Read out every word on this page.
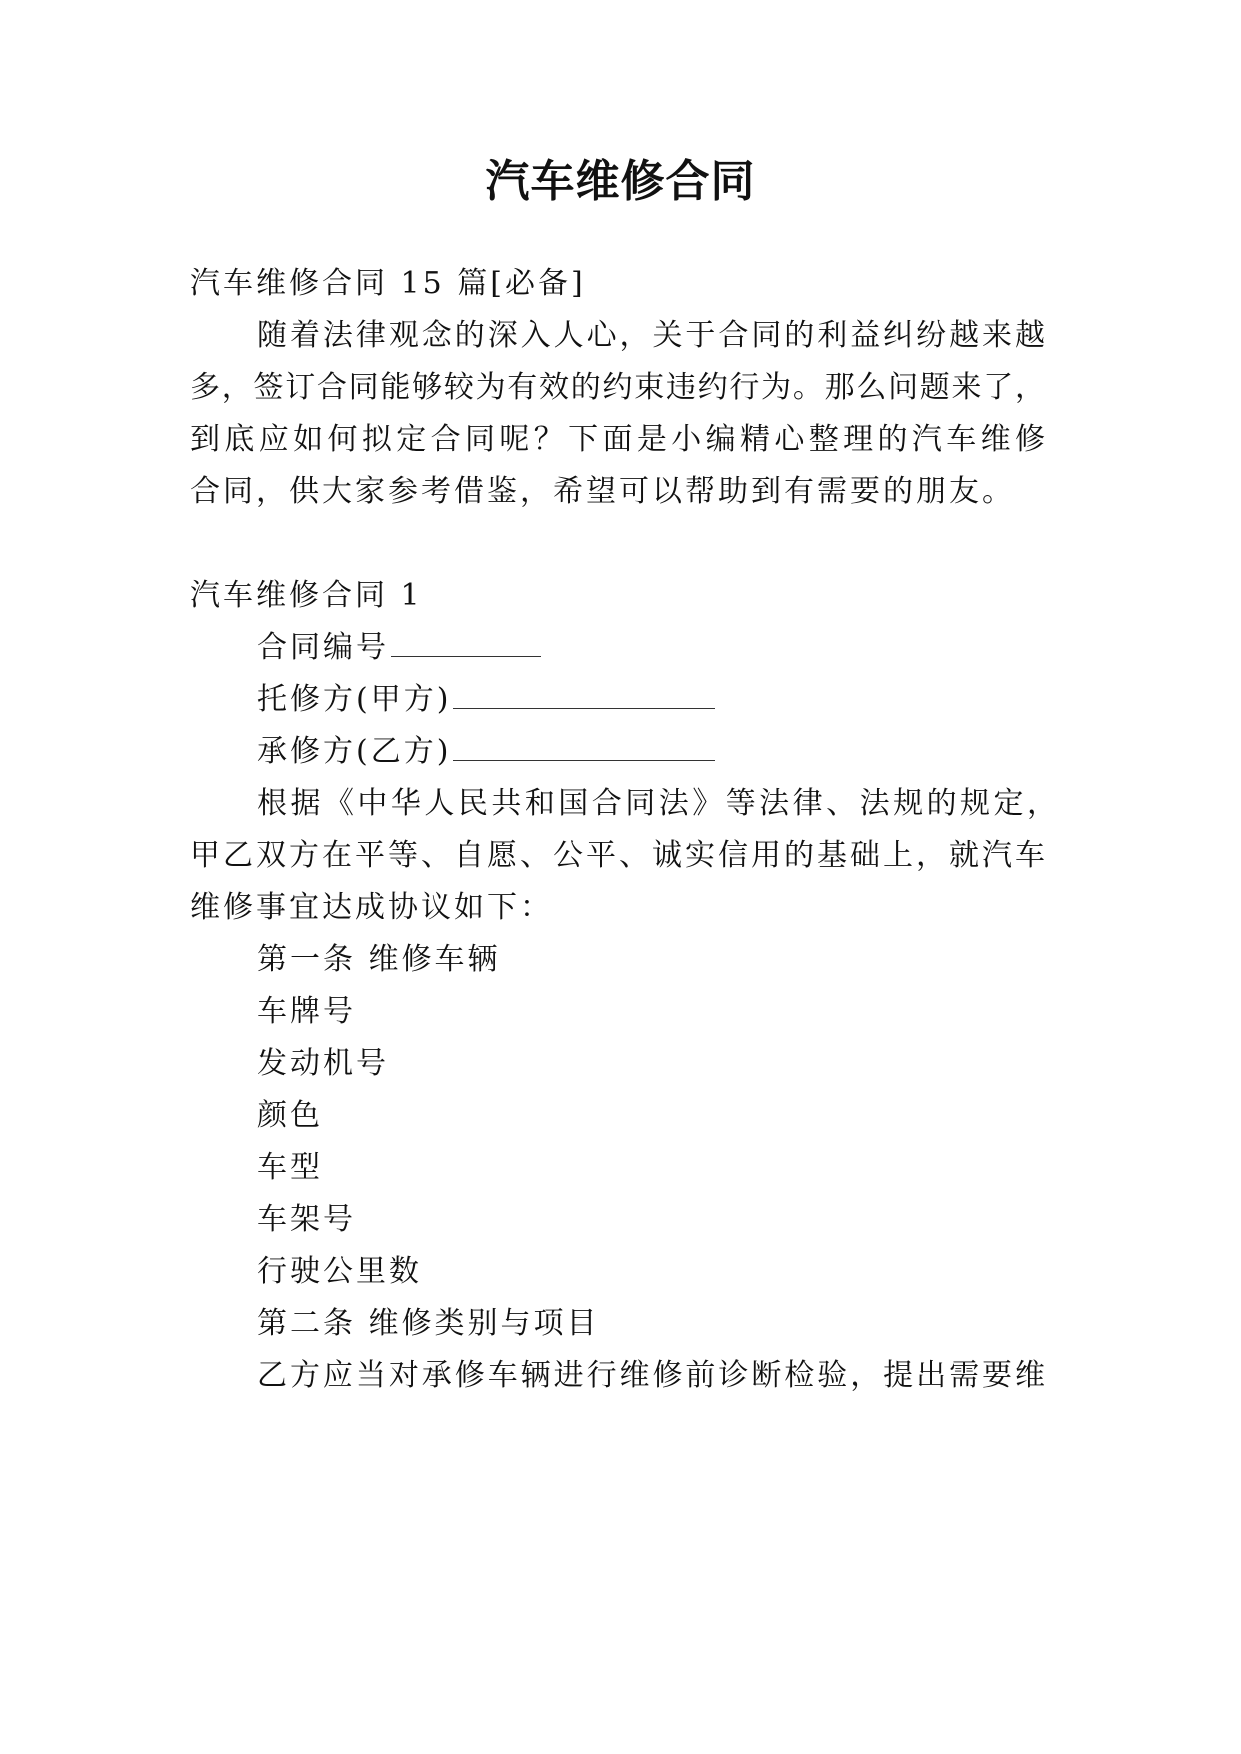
汽车维修合同
汽车维修合同 15 篇[必备]
随着法律观念的深入人心，关于合同的利益纠纷越来越
多，签订合同能够较为有效的约束违约行为。那么问题来了，
到底应如何拟定合同呢？下面是小编精心整理的汽车维修
合同，供大家参考借鉴，希望可以帮助到有需要的朋友。
汽车维修合同 1
合同编号
托修方(甲方)
承修方(乙方)
根据《中华人民共和国合同法》等法律、法规的规定，
甲乙双方在平等、自愿、公平、诚实信用的基础上，就汽车
维修事宜达成协议如下：
第一条 维修车辆
车牌号
发动机号
颜色
车型
车架号
行驶公里数
第二条 维修类别与项目
乙方应当对承修车辆进行维修前诊断检验，提出需要维
